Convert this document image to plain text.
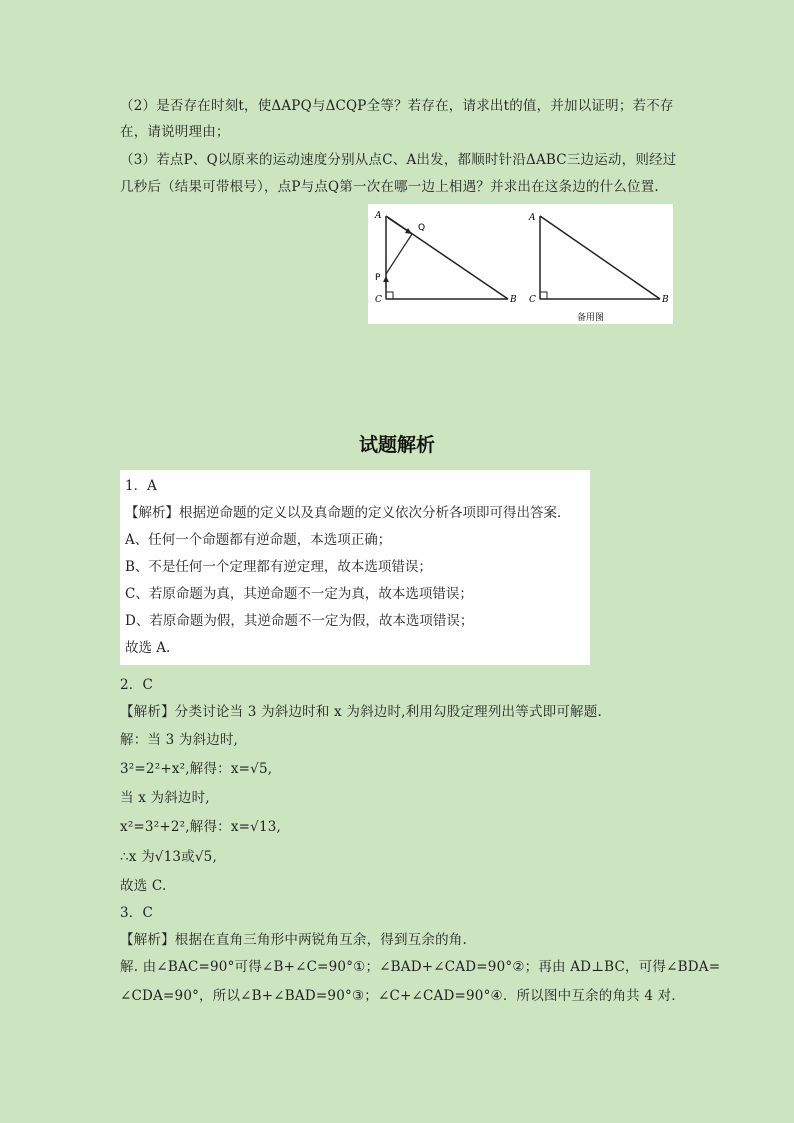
（2）是否存在时刻t，使ΔAPQ与ΔCQP全等？若存在，请求出t的值，并加以证明；若不存
在，请说明理由；
（3）若点P、Q以原来的运动速度分别从点C、A出发，都顺时针沿ΔABC三边运动，则经过
几秒后（结果可带根号），点P与点Q第一次在哪一边上相遇？并求出在这条边的什么位置.
A
Q
P
C	B
A
C	B
备用图
试题解析
1．A
【解析】根据逆命题的定义以及真命题的定义依次分析各项即可得出答案．
A、任何一个命题都有逆命题，本选项正确；
B、不是任何一个定理都有逆定理，故本选项错误；
C、若原命题为真，其逆命题不一定为真，故本选项错误；
D、若原命题为假，其逆命题不一定为假，故本选项错误；
故选 A.
2．C
【解析】分类讨论当 3 为斜边时和 x 为斜边时,利用勾股定理列出等式即可解题.
解：当 3 为斜边时,
3²=2²+x²,解得：x=√5,
当 x 为斜边时,
x²=3²+2²,解得：x=√13,
∴x 为√13或√5,
故选 C.
3．C
【解析】根据在直角三角形中两锐角互余，得到互余的角.
解. 由∠BAC=90°可得∠B+∠C=90°①；∠BAD+∠CAD=90°②；再由 AD⊥BC，可得∠BDA=
∠CDA=90°，所以∠B+∠BAD=90°③；∠C+∠CAD=90°④．所以图中互余的角共 4 对．
